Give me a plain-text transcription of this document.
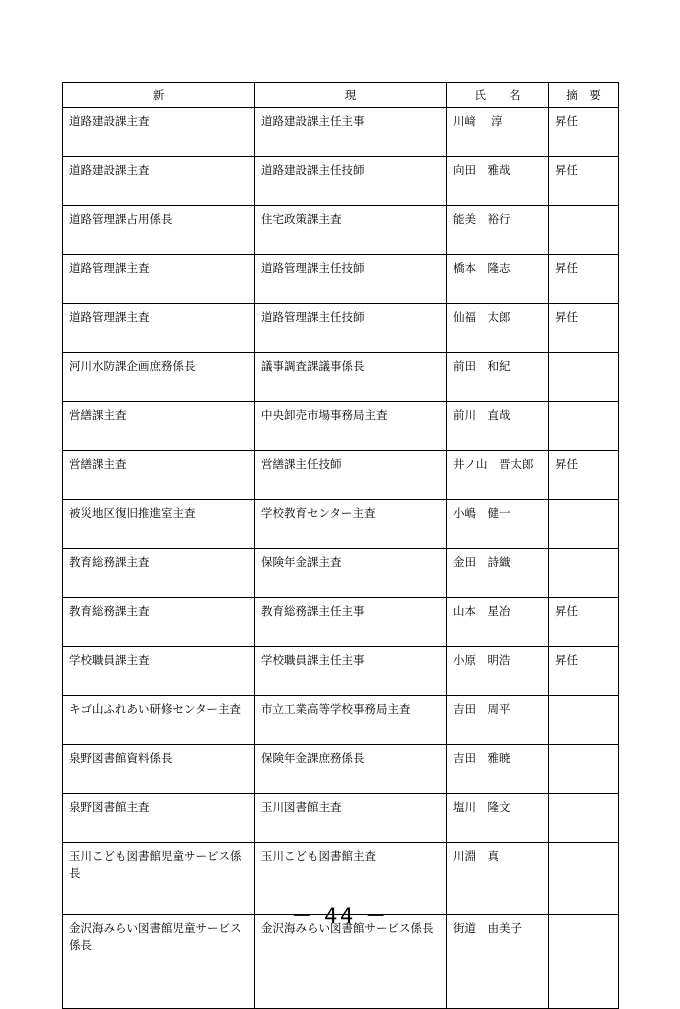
新	現	氏　　名	摘　要
道路建設課主査	道路建設課主任主事	川﨑　 淳	昇任
道路建設課主査	道路建設課主任技師	向田　雅哉	昇任
道路管理課占用係長	住宅政策課主査	能美　裕行	
道路管理課主査	道路管理課主任技師	橋本　隆志	昇任
道路管理課主査	道路管理課主任技師	仙福　太郎	昇任
河川水防課企画庶務係長	議事調査課議事係長	前田　和紀	
営繕課主査	中央卸売市場事務局主査	前川　直哉	
営繕課主査	営繕課主任技師	井ノ山　晋太郎	昇任
被災地区復旧推進室主査	学校教育センター主査	小嶋　健一	
教育総務課主査	保険年金課主査	金田　詩織	
教育総務課主査	教育総務課主任主事	山本　星冶	昇任
学校職員課主査	学校職員課主任主事	小原　明浩	昇任
キゴ山ふれあい研修センター主査	市立工業高等学校事務局主査	吉田　周平	
泉野図書館資料係長	保険年金課庶務係長	吉田　雅暁	
泉野図書館主査	玉川図書館主査	塩川　隆文	
玉川こども図書館児童サービス係長	玉川こども図書館主査	川淵　真	
金沢海みらい図書館児童サービス係長	金沢海みらい図書館サービス係長	街道　由美子	
－ 44 －
